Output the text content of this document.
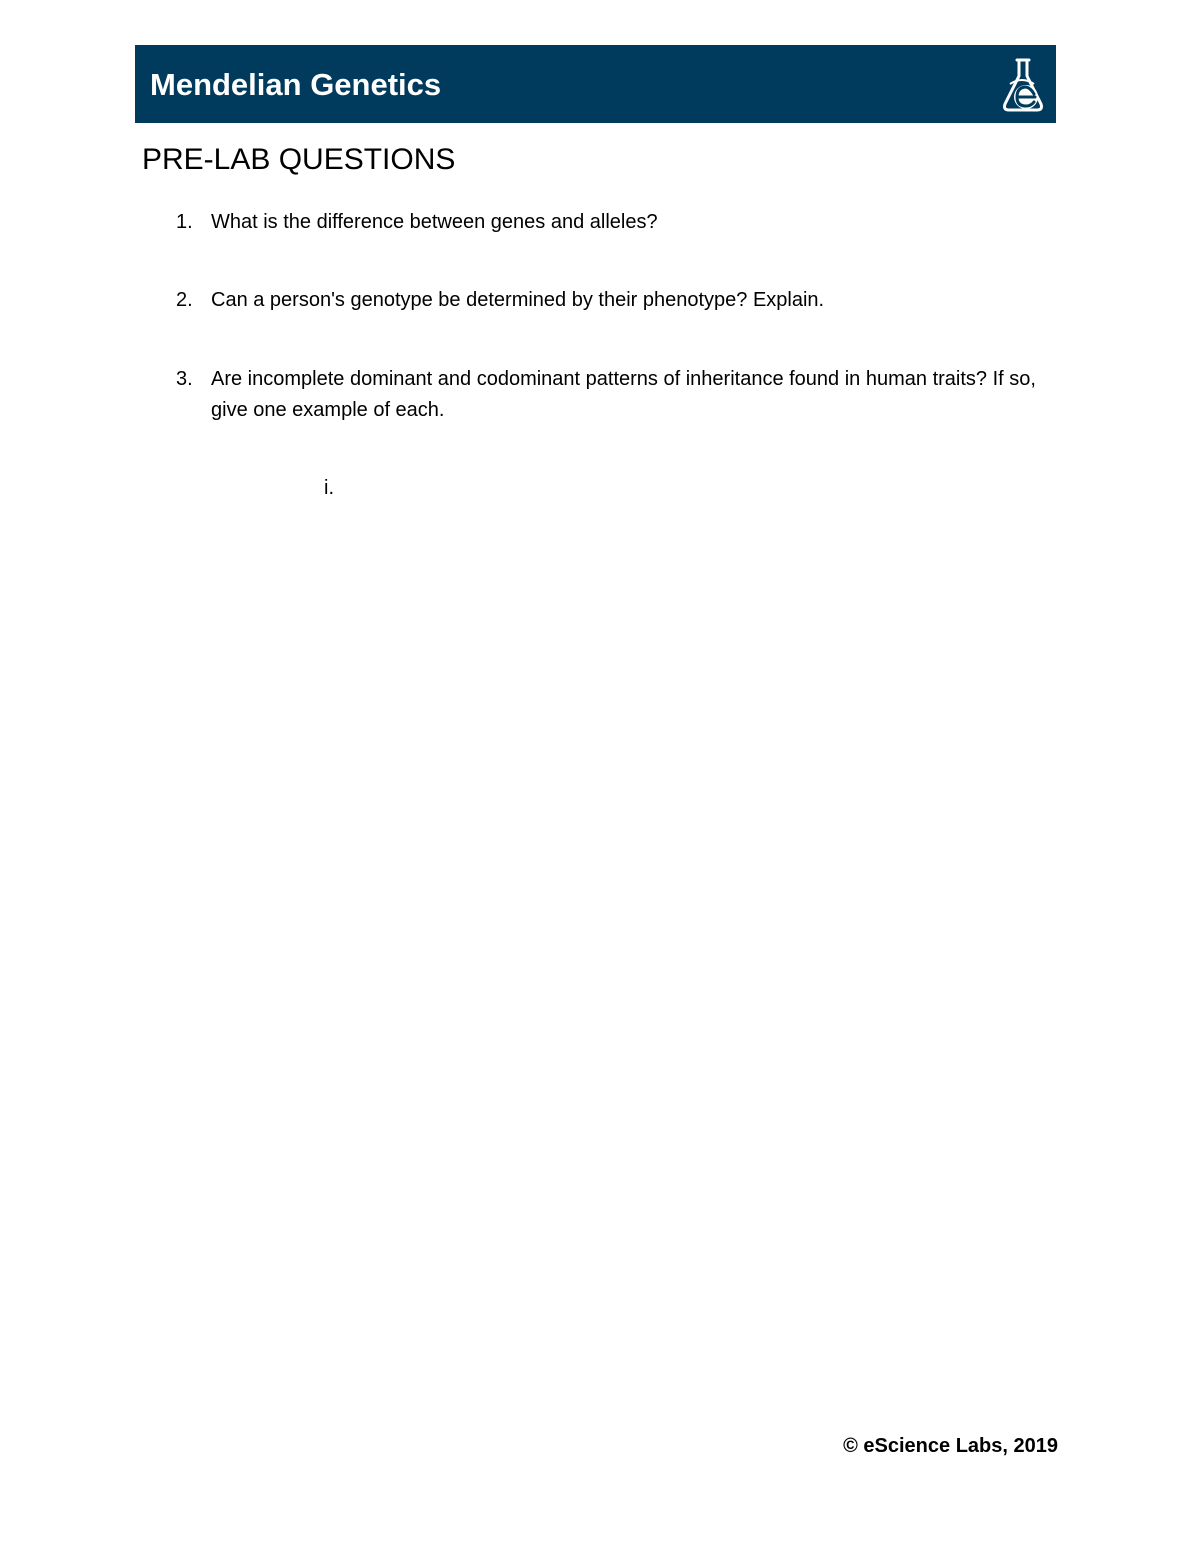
Mendelian Genetics
PRE-LAB QUESTIONS
1. What is the difference between genes and alleles?
2. Can a person's genotype be determined by their phenotype? Explain.
3. Are incomplete dominant and codominant patterns of inheritance found in human traits? If so, give one example of each.
i.
© eScience Labs, 2019
